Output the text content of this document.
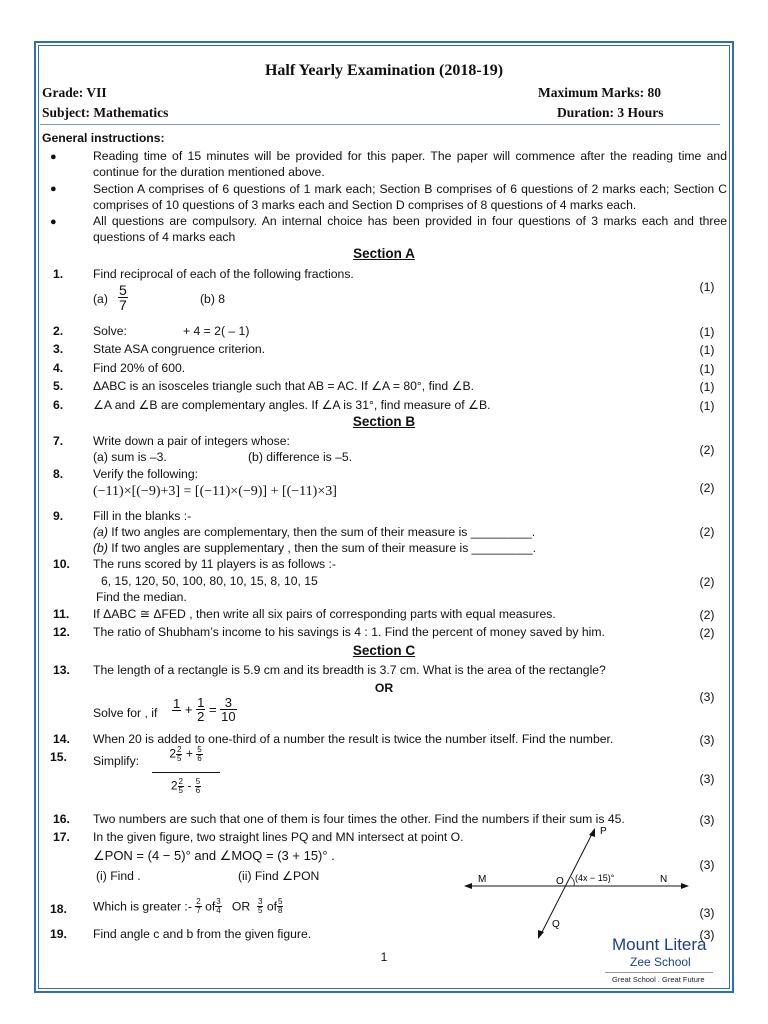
Half Yearly Examination (2018-19)
Grade: VII	Maximum Marks: 80
Subject: Mathematics	Duration: 3 Hours
General instructions:
●	Reading time of 15 minutes will be provided for this paper. The paper will commence after the reading time and continue for the duration mentioned above.
●	Section A comprises of 6 questions of 1 mark each; Section B comprises of 6 questions of 2 marks each; Section C comprises of 10 questions of 3 marks each and Section D comprises of 8 questions of 4 marks each.
●	All questions are compulsory. An internal choice has been provided in four questions of 3 marks each and three questions of 4 marks each
Section A
1. Find reciprocal of each of the following fractions.
$(a) \frac{5}{7}$	(b) 8
(1)
2. Solve:	+ 4 = 2( – 1)	(1)
3. State ASA congruence criterion.	(1)
4. Find 20% of 600.	(1)
5. ΔABC is an isosceles triangle such that AB = AC. If ∠A = 80°, find ∠B.	(1)
6. ∠A and ∠B are complementary angles. If ∠A is 31°, find measure of ∠B.	(1)
Section B
7. Write down a pair of integers whose:
(a) sum is –3.	(b) difference is –5.	(2)
8. Verify the following:
(−11)×[(−9)+3] = [(−11)×(−9)] + [(−11)×3]	(2)
9. Fill in the blanks :-
(a) If two angles are complementary, then the sum of their measure is _________.
(b) If two angles are supplementary , then the sum of their measure is _________.
(2)
10. The runs scored by 11 players is as follows :-
6, 15, 120, 50, 100, 80, 10, 15, 8, 10, 15
Find the median.
(2)
11. If ΔABC ≅ ΔFED , then write all six pairs of corresponding parts with equal measures.	(2)
12. The ratio of Shubham’s income to his savings is 4 : 1. Find the percent of money saved by him.	(2)
Section C
13. The length of a rectangle is 5.9 cm and its breadth is 3.7 cm. What is the area of the rectangle?
OR
Solve for , if
$1 + \frac{1}{2} = \frac{3}{10}$	(3)
14. When 20 is added to one-third of a number the result is twice the number itself. Find the number.	(3)
15. Simplify:
$2 \frac{2}{5} + \frac{5}{6}$
$2 \frac{2}{5} - \frac{5}{6}$	(3)
16. Two numbers are such that one of them is four times the other. Find the numbers if their sum is 45.	(3)
17. In the given figure, two straight lines PQ and MN intersect at point O.
∠PON = (4 − 5)° and ∠MOQ = (3 + 15)° .
(i) Find .	(ii) Find ∠PON
(3)
P
Q
M	N
O (4x − 15)°
18. Which is greater :- $\frac{2}{7}$ of $\frac{3}{4}$ OR $\frac{3}{5}$ of $\frac{5}{8}$	(3)
19. Find angle c and b from the given figure.	(3)
1
Mount Litera
Zee School
Great School . Great Future
